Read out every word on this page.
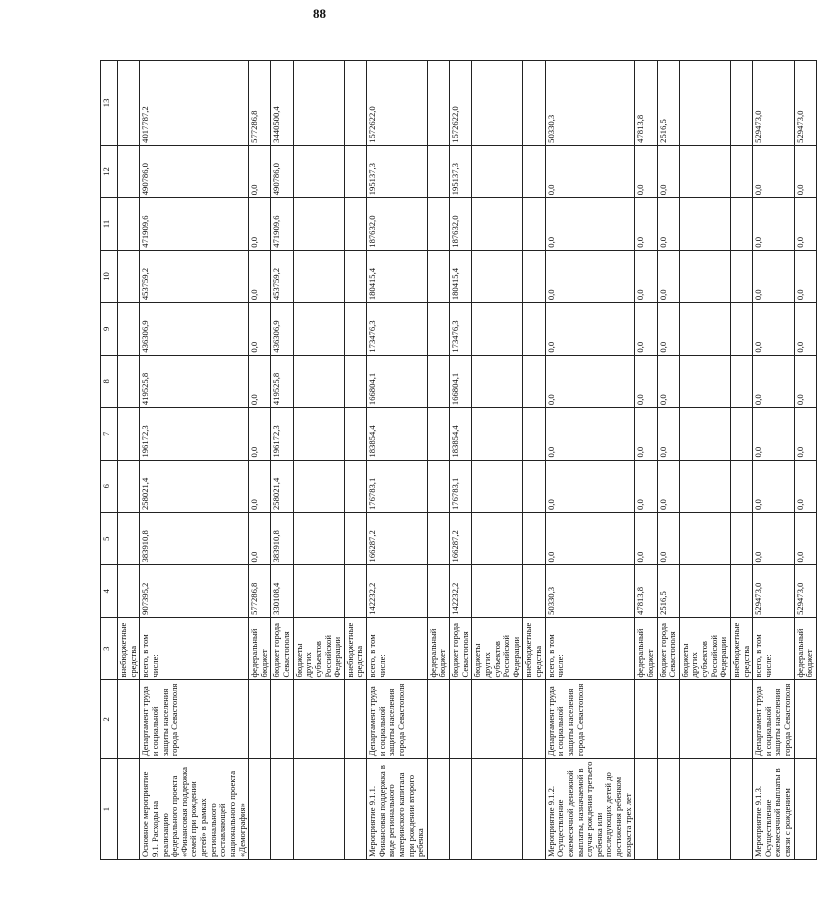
88
1	2	3	4	5	6	7	8	9	10	11	12	13
		внебюджетные средства										
Основное мероприятие 9.1. Расходы на реализацию федерального проекта «Финансовая поддержка семей при рождении детей» в рамках регионального составляющей национального проекта «Демография»	Департамент труда и социальной защиты населения города Севастополя	всего, в том числе:	907395,2	383910,8	258021,4	196172,3	419525,8	436306,9	453759,2	471909,6	490786,0	4017787,2
		федеральный бюджет	577286,8	0,0	0,0	0,0	0,0	0,0	0,0	0,0	0,0	577286,8
		бюджет города Севастополя	330108,4	383910,8	258021,4	196172,3	419525,8	436306,9	453759,2	471909,6	490786,0	3440500,4
		бюджеты других субъектов Российской Федерации										
		внебюджетные средства										
Мероприятие 9.1.1. Финансовая поддержка в виде регионального материнского капитала при рождении второго ребенка	Департамент труда и социальной защиты населения города Севастополя	всего, в том числе:	142232,2	166287,2	176783,1	183854,4	166804,1	173476,3	180415,4	187632,0	195137,3	1572622,0
		федеральный бюджет										
		бюджет города Севастополя	142232,2	166287,2	176783,1	183854,4	166804,1	173476,3	180415,4	187632,0	195137,3	1572622,0
		бюджеты других субъектов Российской Федерации										
		внебюджетные средства										
Мероприятие 9.1.2. Осуществление ежемесячной денежной выплаты, назначаемой в случае рождения третьего ребенка или последующих детей до достижения ребенком возраста трех лет	Департамент труда и социальной защиты населения города Севастополя	всего, в том числе:	50330,3	0,0	0,0	0,0	0,0	0,0	0,0	0,0	0,0	50330,3
		федеральный бюджет	47813,8	0,0	0,0	0,0	0,0	0,0	0,0	0,0	0,0	47813,8
		бюджет города Севастополя	2516,5	0,0	0,0	0,0	0,0	0,0	0,0	0,0	0,0	2516,5
		бюджеты других субъектов Российской Федерации										
		внебюджетные средства										
Мероприятие 9.1.3. Осуществление ежемесячной выплаты в связи с рождением	Департамент труда и социальной защиты населения города Севастополя	всего, в том числе:	529473,0	0,0	0,0	0,0	0,0	0,0	0,0	0,0	0,0	529473,0
		федеральный бюджет	529473,0	0,0	0,0	0,0	0,0	0,0	0,0	0,0	0,0	529473,0
